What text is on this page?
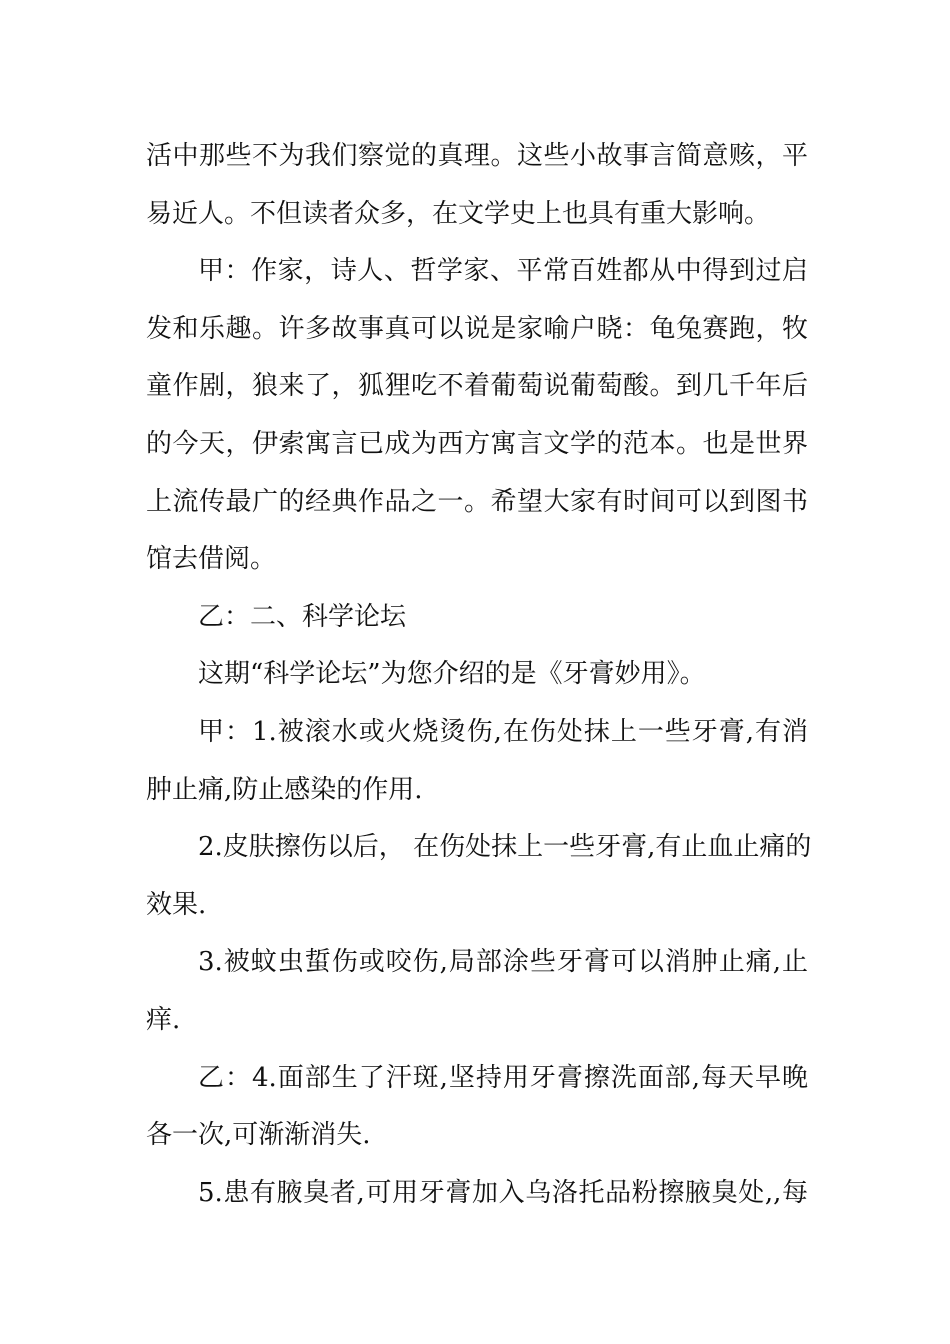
活中那些不为我们察觉的真理。这些小故事言简意赅，平
易近人。不但读者众多，在文学史上也具有重大影响。
甲：作家，诗人、哲学家、平常百姓都从中得到过启
发和乐趣。许多故事真可以说是家喻户晓：龟兔赛跑，牧
童作剧，狼来了，狐狸吃不着葡萄说葡萄酸。到几千年后
的今天，伊索寓言已成为西方寓言文学的范本。也是世界
上流传最广的经典作品之一。希望大家有时间可以到图书
馆去借阅。
乙：二、科学论坛
这期“科学论坛”为您介绍的是《牙膏妙用》。
甲：1.被滚水或火烧烫伤,在伤处抹上一些牙膏,有消
肿止痛,防止感染的作用.
2.皮肤擦伤以后， 在伤处抹上一些牙膏,有止血止痛的
效果.
3.被蚊虫蜇伤或咬伤,局部涂些牙膏可以消肿止痛,止
痒.
乙：4.面部生了汗斑,坚持用牙膏擦洗面部,每天早晚
各一次,可渐渐消失.
5.患有腋臭者,可用牙膏加入乌洛托品粉擦腋臭处,,每
